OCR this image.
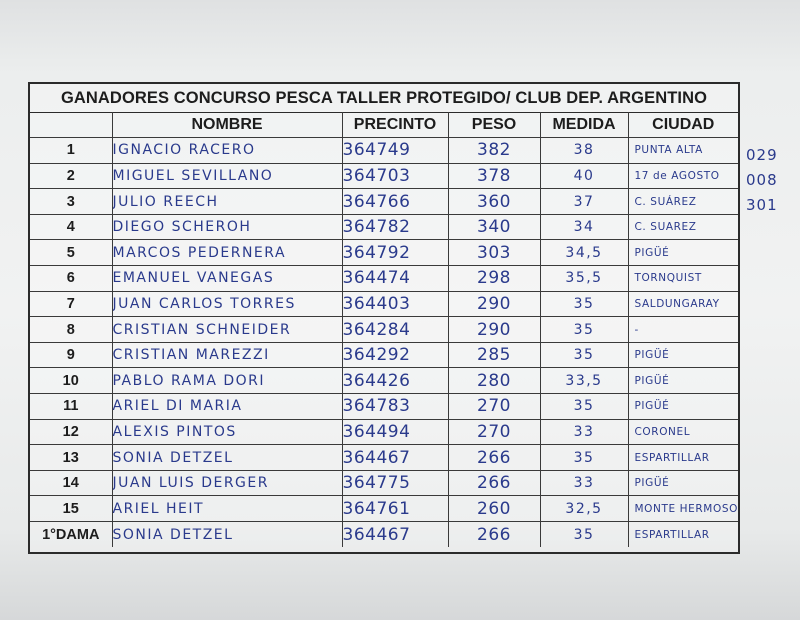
GANADORES CONCURSO PESCA TALLER PROTEGIDO/ CLUB DEP. ARGENTINO
	NOMBRE	PRECINTO	PESO	MEDIDA	CIUDAD
1	IGNACIO RACERO	364749	382	38	PUNTA ALTA
2	MIGUEL SEVILLANO	364703	378	40	17 de AGOSTO
3	JULIO REECH	364766	360	37	C. SUÁREZ
4	DIEGO SCHEROH	364782	340	34	C. SUAREZ
5	MARCOS PEDERNERA	364792	303	34,5	PIGÜÉ
6	EMANUEL VANEGAS	364474	298	35,5	TORNQUIST
7	JUAN CARLOS TORRES	364403	290	35	SALDUNGARAY
8	CRISTIAN SCHNEIDER	364284	290	35	-
9	CRISTIAN MAREZZI	364292	285	35	PIGÜÉ
10	PABLO RAMA DORI	364426	280	33,5	PIGÜÉ
11	ARIEL DI MARIA	364783	270	35	PIGÜÉ
12	ALEXIS PINTOS	364494	270	33	CORONEL
13	SONIA DETZEL	364467	266	35	ESPARTILLAR
14	JUAN LUIS DERGER	364775	266	33	PIGÜÉ
15	ARIEL HEIT	364761	260	32,5	MONTE HERMOSO
1°DAMA	SONIA DETZEL	364467	266	35	ESPARTILLAR
029
008
301
